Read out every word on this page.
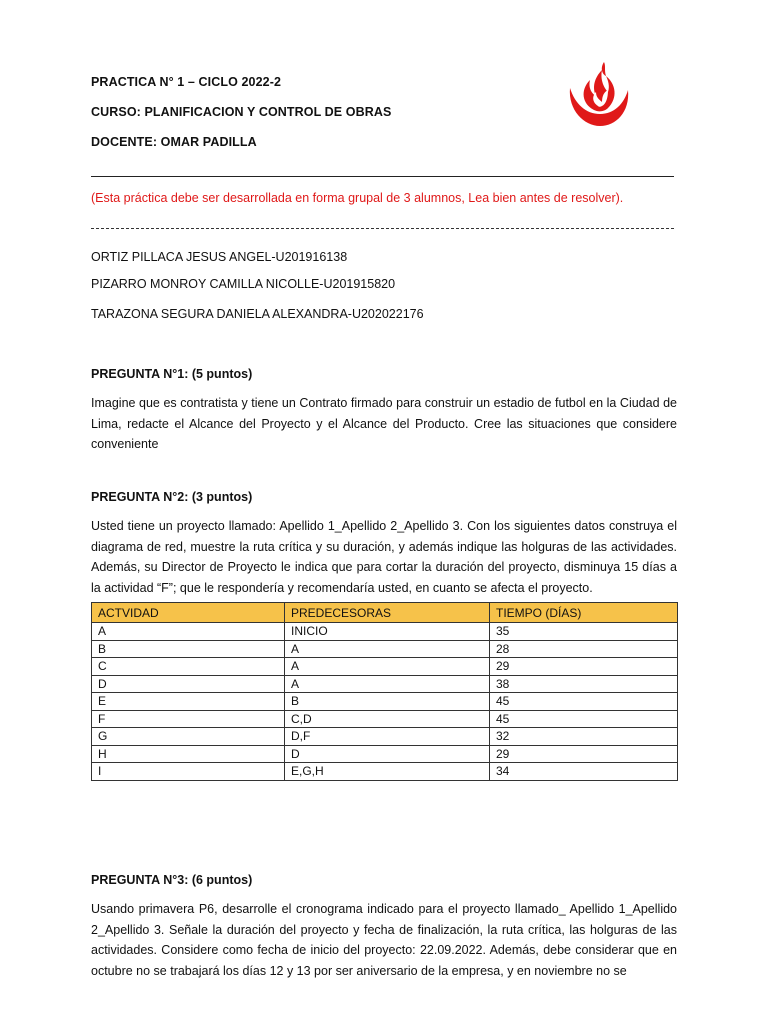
PRACTICA N° 1 – CICLO 2022-2
CURSO: PLANIFICACION Y CONTROL DE OBRAS
DOCENTE: OMAR PADILLA
(Esta práctica debe ser desarrollada en forma grupal de 3 alumnos, Lea bien antes de resolver).
ORTIZ PILLACA JESUS ANGEL-U201916138
PIZARRO MONROY CAMILLA NICOLLE-U201915820
TARAZONA SEGURA DANIELA ALEXANDRA-U202022176
PREGUNTA N°1: (5 puntos)
Imagine que es contratista y tiene un Contrato firmado para construir un estadio de futbol en la Ciudad de Lima, redacte el Alcance del Proyecto y el Alcance del Producto. Cree las situaciones que considere conveniente
PREGUNTA N°2: (3 puntos)
Usted tiene un proyecto llamado: Apellido 1_Apellido 2_Apellido 3. Con los siguientes datos construya el diagrama de red, muestre la ruta crítica y su duración, y además indique las holguras de las actividades. Además, su Director de Proyecto le indica que para cortar la duración del proyecto, disminuya 15 días a la actividad “F”; que le respondería y recomendaría usted, en cuanto se afecta el proyecto.
ACTVIDAD	PREDECESORAS	TIEMPO (DÍAS)
A	INICIO	35
B	A	28
C	A	29
D	A	38
E	B	45
F	C,D	45
G	D,F	32
H	D	29
I	E,G,H	34
PREGUNTA N°3: (6 puntos)
Usando primavera P6, desarrolle el cronograma indicado para el proyecto llamado_ Apellido 1_Apellido 2_Apellido 3. Señale la duración del proyecto y fecha de finalización, la ruta crítica, las holguras de las actividades. Considere como fecha de inicio del proyecto: 22.09.2022. Además, debe considerar que en octubre no se trabajará los días 12 y 13 por ser aniversario de la empresa, y en noviembre no se
